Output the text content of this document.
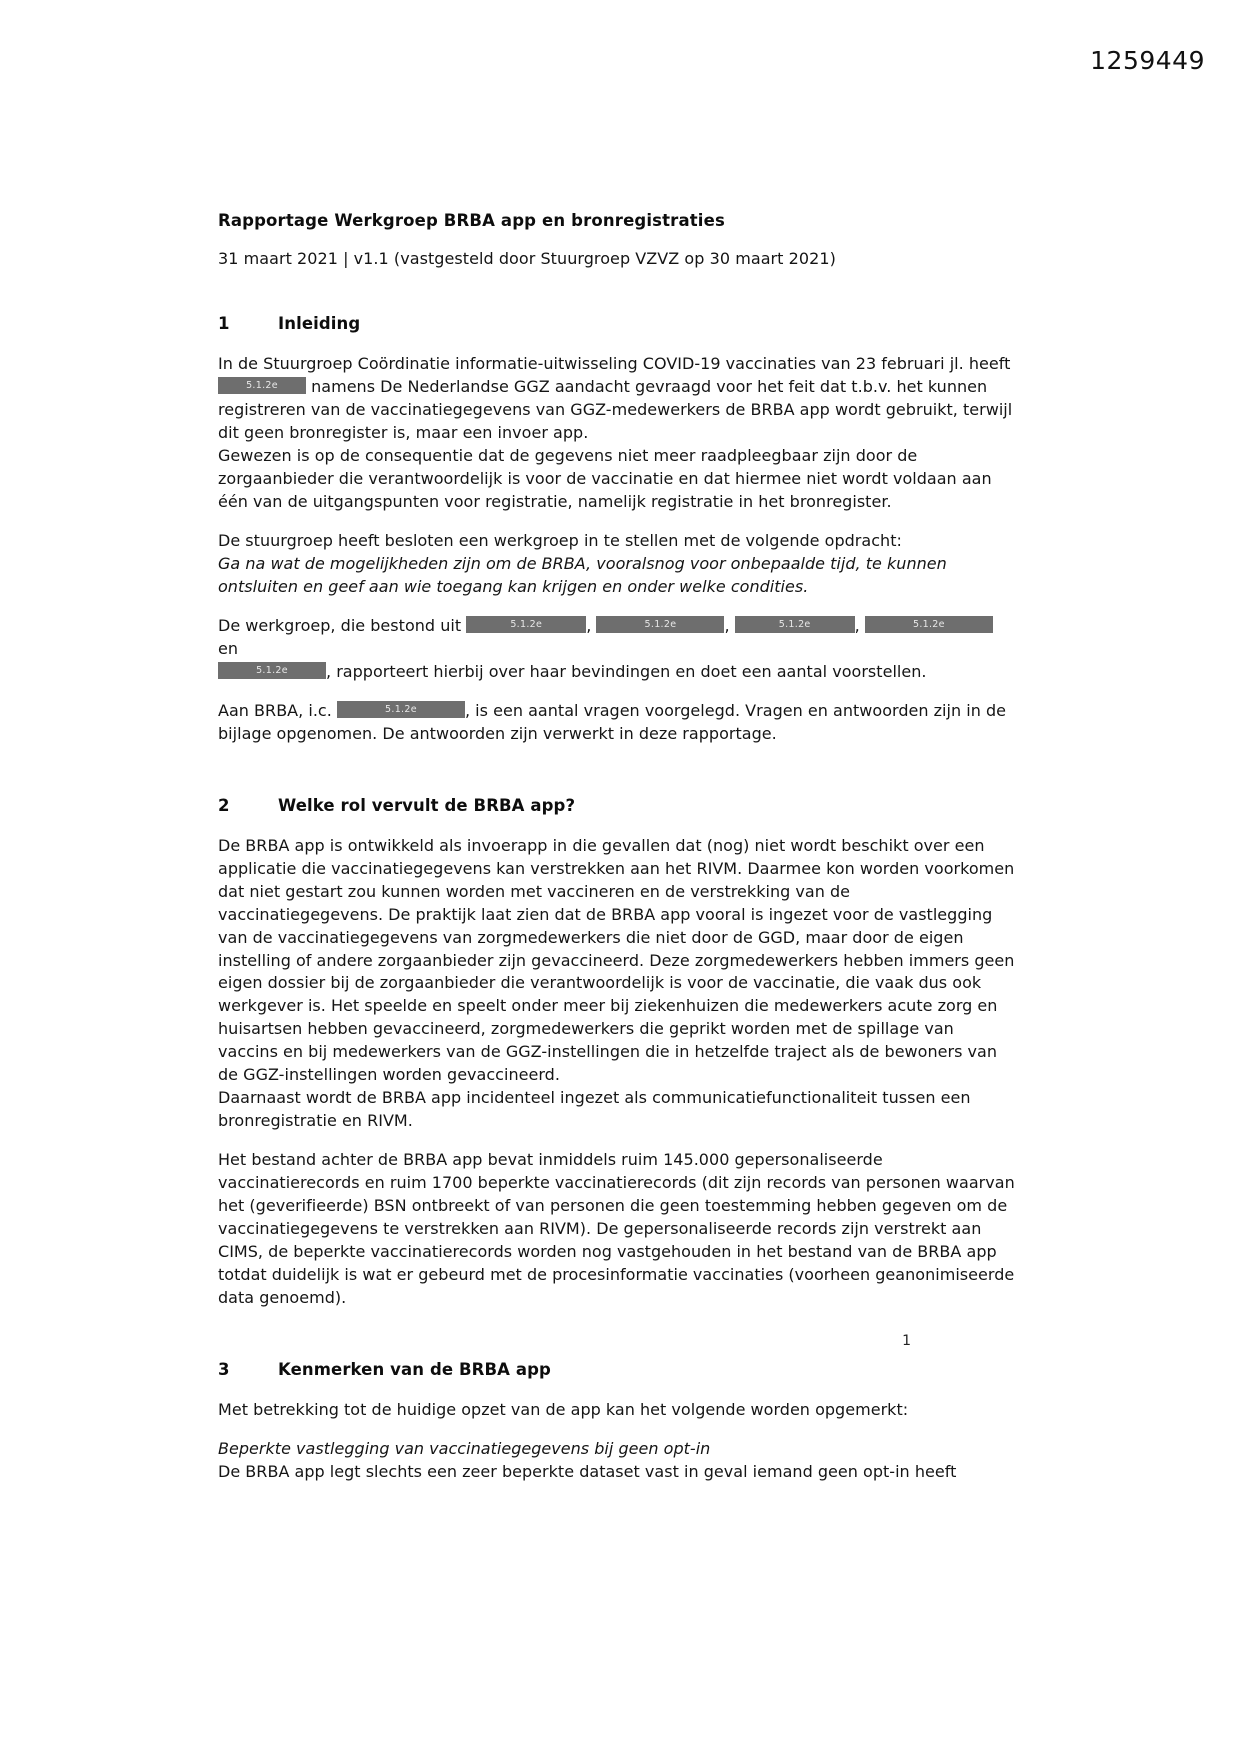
1259449
Rapportage Werkgroep BRBA app en bronregistraties

31 maart 2021 | v1.1 (vastgesteld door Stuurgroep VZVZ op 30 maart 2021)

1	Inleiding

In de Stuurgroep Coördinatie informatie-uitwisseling COVID-19 vaccinaties van 23 februari jl. heeft 5.1.2e namens De Nederlandse GGZ aandacht gevraagd voor het feit dat t.b.v. het kunnen registreren van de vaccinatiegegevens van GGZ-medewerkers de BRBA app wordt gebruikt, terwijl dit geen bronregister is, maar een invoer app.

Gewezen is op de consequentie dat de gegevens niet meer raadpleegbaar zijn door de zorgaanbieder die verantwoordelijk is voor de vaccinatie en dat hiermee niet wordt voldaan aan één van de uitgangspunten voor registratie, namelijk registratie in het bronregister.

De stuurgroep heeft besloten een werkgroep in te stellen met de volgende opdracht:

Ga na wat de mogelijkheden zijn om de BRBA, vooralsnog voor onbepaalde tijd, te kunnen ontsluiten en geef aan wie toegang kan krijgen en onder welke condities.

De werkgroep, die bestond uit	5.1.2e	,	5.1.2e	,	5.1.2e	,	5.1.2e en
5.1.2e , rapporteert hierbij over haar bevindingen en doet een aantal voorstellen.

Aan BRBA, i.c.	5.1.2e	, is een aantal vragen voorgelegd. Vragen en antwoorden zijn in de bijlage opgenomen. De antwoorden zijn verwerkt in deze rapportage.

2	Welke rol vervult de BRBA app?

De BRBA app is ontwikkeld als invoerapp in die gevallen dat (nog) niet wordt beschikt over een applicatie die vaccinatiegegevens kan verstrekken aan het RIVM. Daarmee kon worden voorkomen dat niet gestart zou kunnen worden met vaccineren en de verstrekking van de vaccinatiegegevens. De praktijk laat zien dat de BRBA app vooral is ingezet voor de vastlegging van de vaccinatiegegevens van zorgmedewerkers die niet door de GGD, maar door de eigen instelling of andere zorgaanbieder zijn gevaccineerd. Deze zorgmedewerkers hebben immers geen eigen dossier bij de zorgaanbieder die verantwoordelijk is voor de vaccinatie, die vaak dus ook werkgever is. Het speelde en speelt onder meer bij ziekenhuizen die medewerkers acute zorg en huisartsen hebben gevaccineerd, zorgmedewerkers die geprikt worden met de spillage van vaccins en bij medewerkers van de GGZ-instellingen die in hetzelfde traject als de bewoners van de GGZ-instellingen worden gevaccineerd.

Daarnaast wordt de BRBA app incidenteel ingezet als communicatiefunctionaliteit tussen een bronregistratie en RIVM.

Het bestand achter de BRBA app bevat inmiddels ruim 145.000 gepersonaliseerde vaccinatierecords en ruim 1700 beperkte vaccinatierecords (dit zijn records van personen waarvan het (geverifieerde) BSN ontbreekt of van personen die geen toestemming hebben gegeven om de vaccinatiegegevens te verstrekken aan RIVM). De gepersonaliseerde records zijn verstrekt aan CIMS, de beperkte vaccinatierecords worden nog vastgehouden in het bestand van de BRBA app totdat duidelijk is wat er gebeurd met de procesinformatie vaccinaties (voorheen geanonimiseerde data genoemd).

3	Kenmerken van de BRBA app

Met betrekking tot de huidige opzet van de app kan het volgende worden opgemerkt:

Beperkte vastlegging van vaccinatiegegevens bij geen opt-in

De BRBA app legt slechts een zeer beperkte dataset vast in geval iemand geen opt-in heeft

1
